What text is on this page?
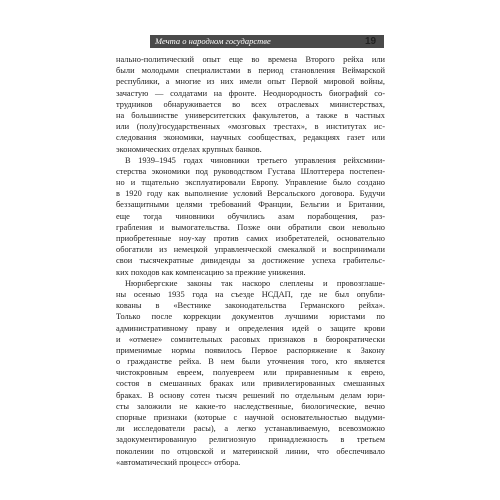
Мечта о народном государстве	19
нально-политический опыт еще во времена Второго рейха или
были молодыми специалистами в период становления Веймарской
республики, а многие из них имели опыт Первой мировой войны,
зачастую — солдатами на фронте. Неоднородность биографий со-
трудников обнаруживается во всех отраслевых министерствах,
на большинстве университетских факультетов, а также в частных
или (полу)государственных «мозговых трестах», в институтах ис-
следования экономики, научных сообществах, редакциях газет или
экономических отделах крупных банков.
В 1939–1945 годах чиновники третьего управления рейхсмини-
стерства экономики под руководством Густава Шлоттерера постепен-
но и тщательно эксплуатировали Европу. Управление было создано
в 1920 году как выполнение условий Версальского договора. Будучи
беззащитными целями требований Франции, Бельгии и Британии,
еще тогда чиновники обучились азам порабощения, раз-
грабления и вымогательства. Позже они обратили свои невольно
приобретенные ноу-хау против самих изобретателей, основательно
обогатили из немецкой управленческой смекалкой и воспринимали
свои тысячекратные дивиденды за достижение успеха грабительс-
ких походов как компенсацию за прежние унижения.
Нюрнбергские законы так наскоро слеплены и провозглаше-
ны осенью 1935 года на съезде НСДАП, где не был опубли-
кованы в «Вестнике законодательства Германского рейха».
Только после коррекции документов лучшими юристами по
административному праву и определения идей о защите крови
и «отмене» сомнительных расовых признаков в бюрократически
применимые нормы появилось Первое распоряжение к Закону
о гражданстве рейха. В нем были уточнения того, кто является
чистокровным евреем, полуевреем или приравненным к еврею,
состоя в смешанных браках или привилегированных смешанных
браках. В основу сотен тысяч решений по отдельным делам юри-
сты заложили не какие-то наследственные, биологические, вечно
спорные признаки (которые с научной основательностью выдуми-
ли исследователи расы), а легко устанавливаемую, всевозможно
задокументированную религиозную принадлежность в третьем
поколении по отцовской и материнской линии, что обеспечивало
«автоматический процесс» отбора.
